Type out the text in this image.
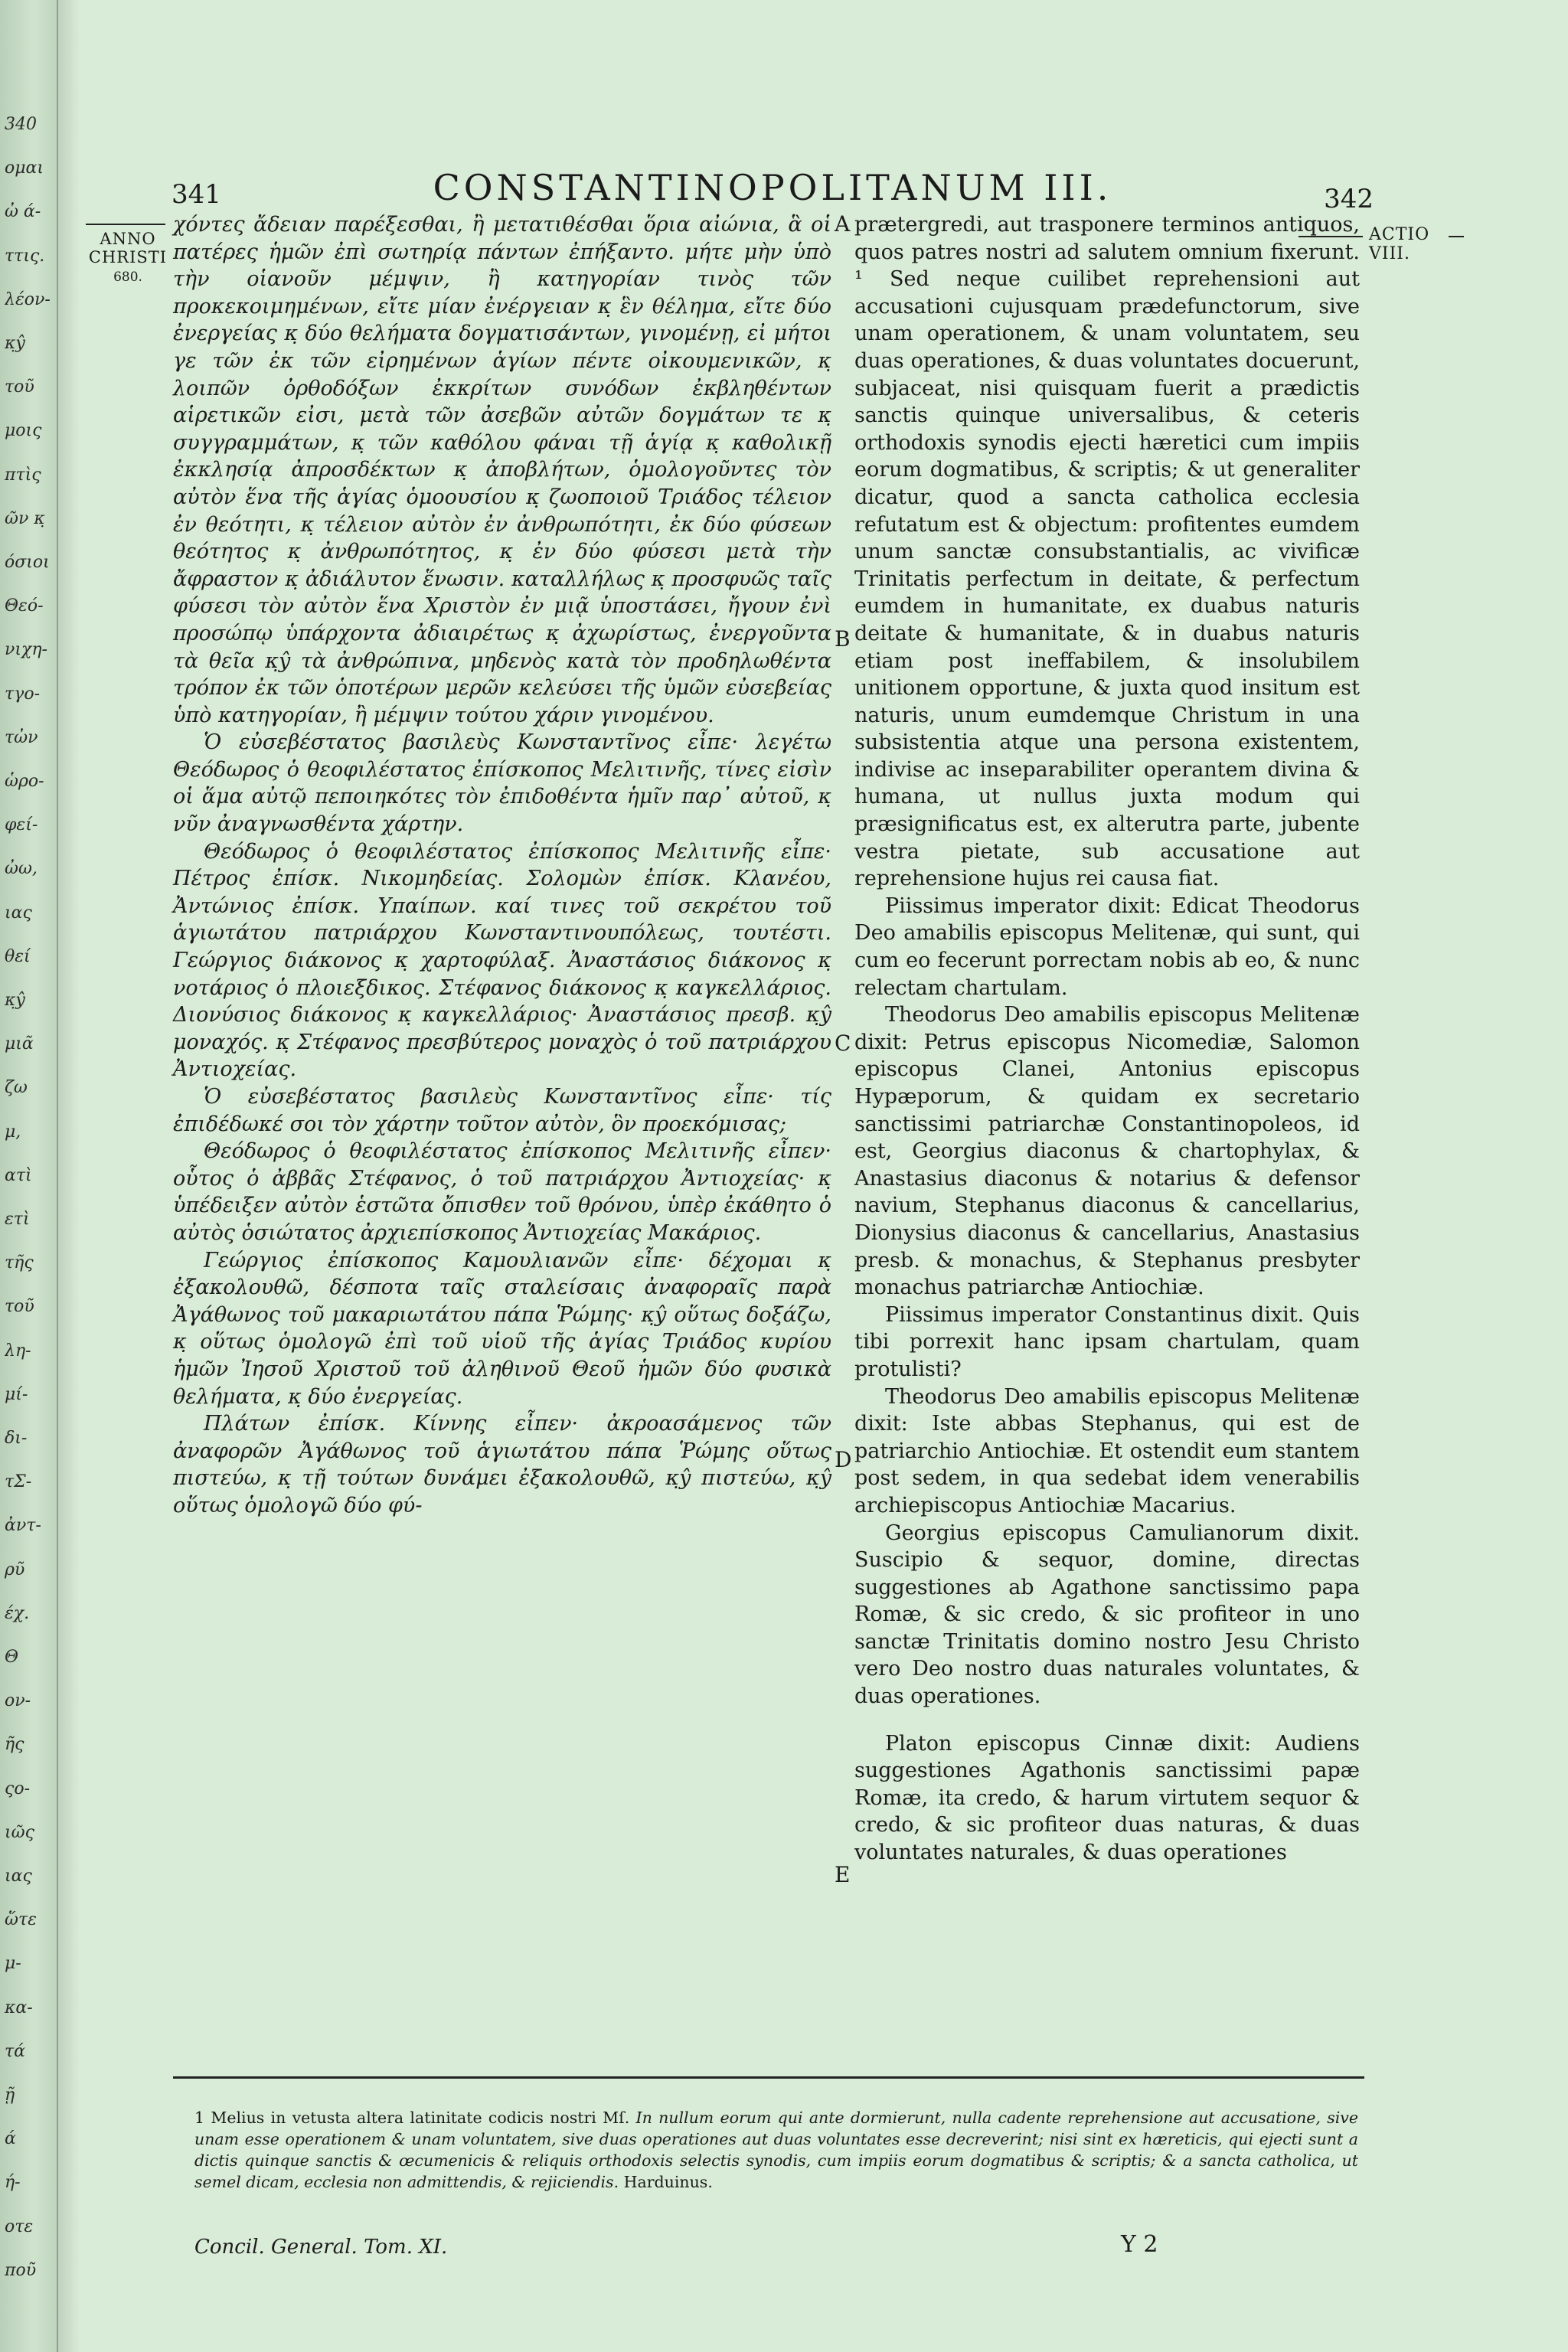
340
ομαι
ὦ ά-
ττις.
λέον-
κ̣ŷ
τοῦ
μοις
πτὶς
ῶν κ̣
όσιοι
Θεό-
νιχη-
τγο-
τὦν
ὡρο-
φεί-
ὦω,
ιας
θεί
κ̣ŷ
μιᾶ
ζω
μ,
ατὶ
ετὶ
τῆς
τοῦ
λη-
μί-
δι-
τΣ-
ἀντ-
ρῦ
έχ.
Θ
ον-
ῆς
ςο-
ιῶς
ιας
ὥτε
μ-
κα-
τά
ῇ
ά
ή-
οτε
ποῦ
341	CONSTANTINOPOLITANUM III.	342
ANNO
CHRISTI
680.
ACTIO VIII.

χόντες ἄδειαν παρέξεσθαι, ἢ μετατιθέσθαι ὅρια αἰώνια, ἃ οἱ πατέρες ἡμῶν ἐπὶ σωτηρίᾳ πάντων ἐπήξαντο. μήτε μὴν ὑπὸ τὴν οἱανοῦν μέμψιν, ἢ κατηγορίαν τινὸς τῶν προκεκοιμημένων, εἴτε μίαν ἐνέργειαν κ̣ ἓν θέλημα, εἴτε δύο ἐνεργείας κ̣ δύο θελήματα δογματισάντων, γινομένῃ, εἰ μήτοι γε τῶν ἐκ τῶν εἰρημένων ἁγίων πέντε οἰκουμενικῶν, κ̣ λοιπῶν ὀρθοδόξων ἐκκρίτων συνόδων ἐκβληθέντων αἱρετικῶν εἰσι, μετὰ τῶν ἀσεβῶν αὐτῶν δογμάτων τε κ̣ συγγραμμάτων, κ̣ τῶν καθόλου φάναι τῇ ἁγίᾳ κ̣ καθολικῇ ἐκκλησίᾳ ἀπροσδέκτων κ̣ ἀποβλήτων, ὁμολογοῦντες τὸν αὐτὸν ἕνα τῆς ἁγίας ὁμοουσίου κ̣ ζωοποιοῦ Τριάδος τέλειον ἐν θεότητι, κ̣ τέλειον αὐτὸν ἐν ἀνθρωπότητι, ἐκ δύο φύσεων θεότητος κ̣ ἀνθρωπότητος, κ̣ ἐν δύο φύσεσι μετὰ τὴν ἄφραστον κ̣ ἀδιάλυτον ἕνωσιν. καταλλήλως κ̣ προσφυῶς ταῖς φύσεσι τὸν αὐτὸν ἕνα Χριστὸν ἐν μιᾷ ὑποστάσει, ἤγουν ἐνὶ προσώπῳ ὑπάρχοντα ἀδιαιρέτως κ̣ ἀχωρίστως, ἐνεργοῦντα τὰ θεῖα κ̣ŷ τὰ ἀνθρώπινα, μηδενὸς κατὰ τὸν προδηλωθέντα τρόπον ἐκ τῶν ὁποτέρων μερῶν κελεύσει τῆς ὑμῶν εὐσεβείας ὑπὸ κατηγορίαν, ἢ μέμψιν τούτου χάριν γινομένου.

Ὁ εὐσεβέστατος βασιλεὺς Κωνσταντῖνος εἶπε· λεγέτω Θεόδωρος ὁ θεοφιλέστατος ἐπίσκοπος Μελιτινῆς, τίνες εἰσὶν οἱ ἅμα αὐτῷ πεποιηκότες τὸν ἐπιδοθέντα ἡμῖν παρ᾽ αὐτοῦ, κ̣ νῦν ἀναγνωσθέντα χάρτην.

Θεόδωρος ὁ θεοφιλέστατος ἐπίσκοπος Μελιτινῆς εἶπε· Πέτρος ἐπίσκ. Νικομηδείας. Σολομὼν ἐπίσκ. Κλανέου, Ἀντώνιος ἐπίσκ. Υπαίπων. καί τινες τοῦ σεκρέτου τοῦ ἁγιωτάτου πατριάρχου Κωνσταντινουπόλεως, τουτέστι. Γεώργιος διάκονος κ̣ χαρτοφύλαξ. Ἀναστάσιος διάκονος κ̣ νοτάριος ὁ πλοιεξδικος. Στέφανος διάκονος κ̣ καγκελλάριος. Διονύσιος διάκονος κ̣ καγκελλάριος· Ἀναστάσιος πρεσβ. κ̣ŷ μοναχός. κ̣ Στέφανος πρεσβύτερος μοναχὸς ὁ τοῦ πατριάρχου Ἀντιοχείας.

Ὁ εὐσεβέστατος βασιλεὺς Κωνσταντῖνος εἶπε· τίς ἐπιδέδωκέ σοι τὸν χάρτην τοῦτον αὐτὸν, ὃν προεκόμισας;

Θεόδωρος ὁ θεοφιλέστατος ἐπίσκοπος Μελιτινῆς εἶπεν· οὗτος ὁ ἀββᾶς Στέφανος, ὁ τοῦ πατριάρχου Ἀντιοχείας· κ̣ ὑπέδειξεν αὐτὸν ἑστῶτα ὄπισθεν τοῦ θρόνου, ὑπὲρ ἐκάθητο ὁ αὐτὸς ὁσιώτατος ἀρχιεπίσκοπος Ἀντιοχείας Μακάριος.

Γεώργιος ἐπίσκοπος Καμουλιανῶν εἶπε· δέχομαι κ̣ ἐξακολουθῶ, δέσποτα ταῖς σταλείσαις ἀναφοραῖς παρὰ Ἀγάθωνος τοῦ μακαριωτάτου πάπα Ῥώμης· κ̣ŷ οὕτως δοξάζω, κ̣ οὕτως ὁμολογῶ ἐπὶ τοῦ υἱοῦ τῆς ἁγίας Τριάδος κυρίου ἡμῶν Ἰησοῦ Χριστοῦ τοῦ ἀληθινοῦ Θεοῦ ἡμῶν δύο φυσικὰ θελήματα, κ̣ δύο ἐνεργείας.

Πλάτων ἐπίσκ. Κίννης εἶπεν· ἀκροασάμενος τῶν ἀναφορῶν Ἀγάθωνος τοῦ ἁγιωτάτου πάπα Ῥώμης οὕτως πιστεύω, κ̣ τῇ τούτων δυνάμει ἐξακολουθῶ, κ̣ŷ πιστεύω, κ̣ŷ οὕτως ὁμολογῶ δύο φύ-

A
B
C
D
E

prætergredi, aut trasponere terminos antiquos, quos patres nostri ad salutem omnium fixerunt. ¹ Sed neque cuilibet reprehensioni aut accusationi cujusquam prædefunctorum, sive unam operationem, & unam voluntatem, seu duas operationes, & duas voluntates docuerunt, subjaceat, nisi quisquam fuerit a prædictis sanctis quinque universalibus, & ceteris orthodoxis synodis ejecti hæretici cum impiis eorum dogmatibus, & scriptis; & ut generaliter dicatur, quod a sancta catholica ecclesia refutatum est & objectum: profitentes eumdem unum sanctæ consubstantialis, ac vivificæ Trinitatis perfectum in deitate, & perfectum eumdem in humanitate, ex duabus naturis deitate & humanitate, & in duabus naturis etiam post ineffabilem, & insolubilem unitionem opportune, & juxta quod insitum est naturis, unum eumdemque Christum in una subsistentia atque una persona existentem, indivise ac inseparabiliter operantem divina & humana, ut nullus juxta modum qui præsignificatus est, ex alterutra parte, jubente vestra pietate, sub accusatione aut reprehensione hujus rei causa fiat.

Piissimus imperator dixit: Edicat Theodorus Deo amabilis episcopus Melitenæ, qui sunt, qui cum eo fecerunt porrectam nobis ab eo, & nunc relectam chartulam.

Theodorus Deo amabilis episcopus Melitenæ dixit: Petrus episcopus Nicomediæ, Salomon episcopus Clanei, Antonius episcopus Hypæporum, & quidam ex secretario sanctissimi patriarchæ Constantinopoleos, id est, Georgius diaconus & chartophylax, & Anastasius diaconus & notarius & defensor navium, Stephanus diaconus & cancellarius, Dionysius diaconus & cancellarius, Anastasius presb. & monachus, & Stephanus presbyter monachus patriarchæ Antiochiæ.

Piissimus imperator Constantinus dixit. Quis tibi porrexit hanc ipsam chartulam, quam protulisti?

Theodorus Deo amabilis episcopus Melitenæ dixit: Iste abbas Stephanus, qui est de patriarchio Antiochiæ. Et ostendit eum stantem post sedem, in qua sedebat idem venerabilis archiepiscopus Antiochiæ Macarius.

Georgius episcopus Camulianorum dixit. Suscipio & sequor, domine, directas suggestiones ab Agathone sanctissimo papa Romæ, & sic credo, & sic profiteor in uno sanctæ Trinitatis domino nostro Jesu Christo vero Deo nostro duas naturales voluntates, & duas operationes.

Platon episcopus Cinnæ dixit: Audiens suggestiones Agathonis sanctissimi papæ Romæ, ita credo, & harum virtutem sequor & credo, & sic profiteor duas naturas, & duas voluntates naturales, & duas operationes

1 Melius in vetusta altera latinitate codicis nostri Mſ. In nullum eorum qui ante dormierunt, nulla cadente reprehensione aut accusatione, sive unam esse operationem & unam voluntatem, sive duas operationes aut duas voluntates esse decreverint; nisi sint ex hæreticis, qui ejecti sunt a dictis quinque sanctis & œcumenicis & reliquis orthodoxis selectis synodis, cum impiis eorum dogmatibus & scriptis; & a sancta catholica, ut semel dicam, ecclesia non admittendis, & rejiciendis. Harduinus.
Concil. General. Tom. XI.	Y 2
